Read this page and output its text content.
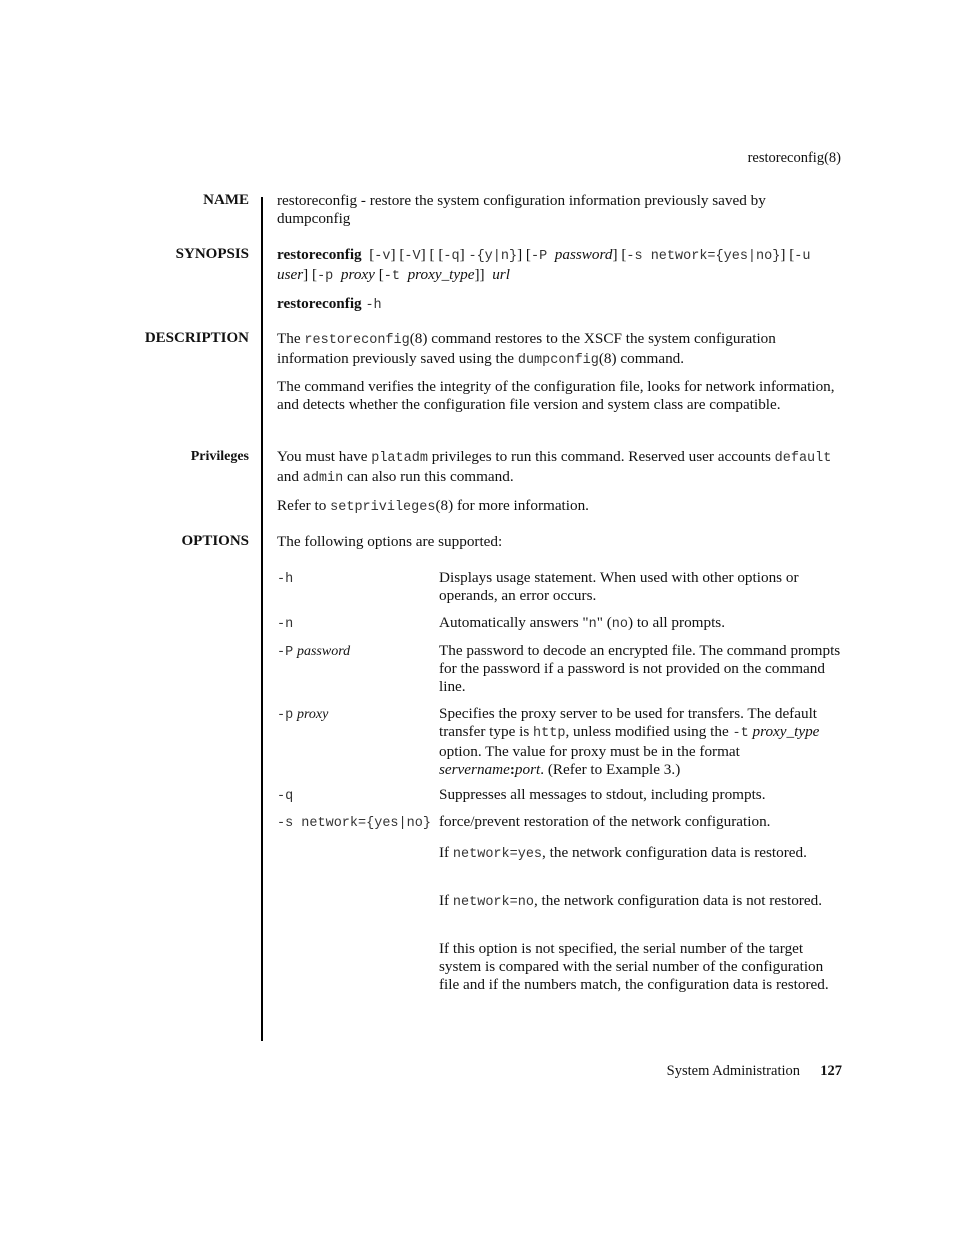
restoreconfig(8)
NAME
SYNOPSIS
DESCRIPTION
Privileges
OPTIONS
restoreconfig - restore the system configuration information previously saved by
dumpconfig
restoreconfig  [-v] [-V] [ [-q] -{y|n}] [-P password] [-s network={yes|no}] [-u
user] [-p proxy [-t proxy_type]]  url
restoreconfig -h
The restoreconfig(8) command restores to the XSCF the system configuration information previously saved using the dumpconfig(8) command.
The command verifies the integrity of the configuration file, looks for network information, and detects whether the configuration file version and system class are compatible.
You must have platadm privileges to run this command. Reserved user accounts default and admin can also run this command.
Refer to setprivileges(8) for more information.
The following options are supported:
-h	Displays usage statement. When used with other options or operands, an error occurs.
-n	Automatically answers "n" (no) to all prompts.
-P password	The password to decode an encrypted file. The command prompts for the password if a password is not provided on the command line.
-p proxy	Specifies the proxy server to be used for transfers. The default transfer type is http, unless modified using the -t proxy_type option. The value for proxy must be in the format servername:port. (Refer to Example 3.)
-q	Suppresses all messages to stdout, including prompts.
-s network={yes|no} force/prevent restoration of the network configuration.
If network=yes, the network configuration data is restored.
If network=no, the network configuration data is not restored.
If this option is not specified, the serial number of the target system is compared with the serial number of the configuration file and if the numbers match, the configuration data is restored.
System Administration 127
